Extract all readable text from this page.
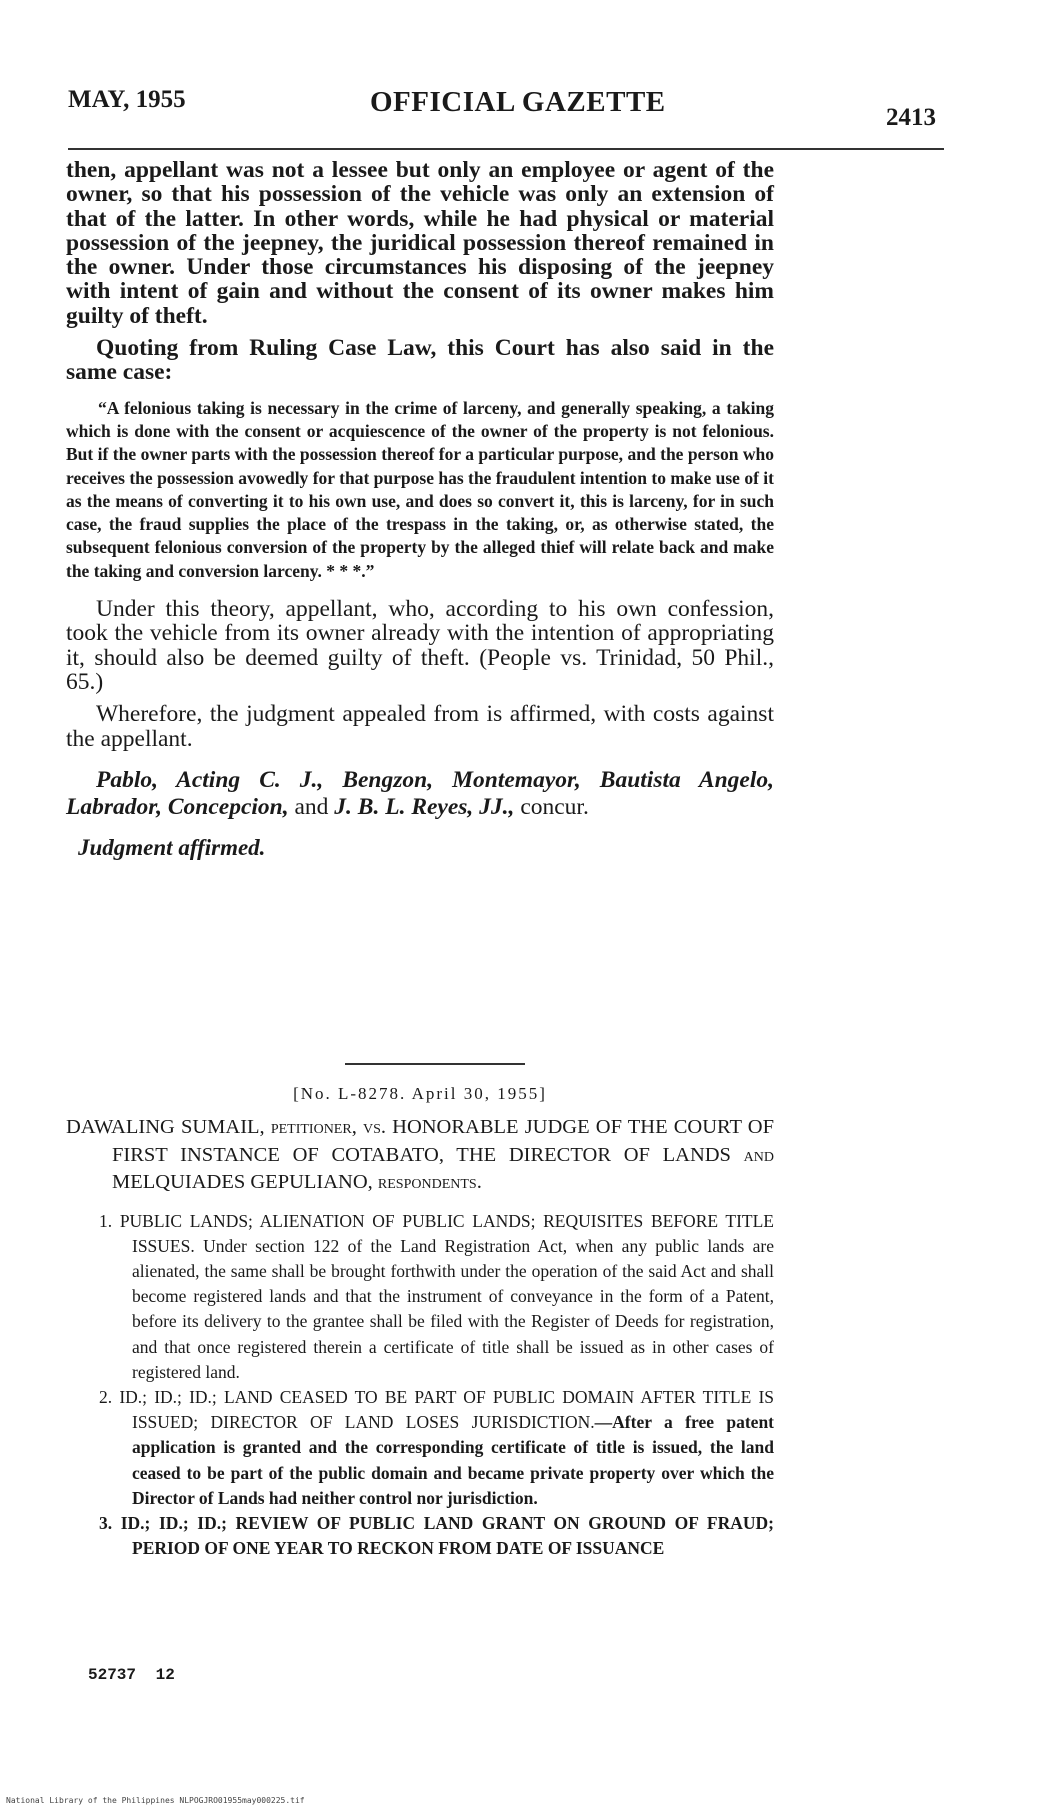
MAY, 1955	OFFICIAL GAZETTE	2413

then, appellant was not a lessee but only an employee or agent of the owner, so that his possession of the vehicle was only an extension of that of the latter. In other words, while he had physical or material possession of the jeepney, the juridical possession thereof remained in the owner. Under those circumstances his disposing of the jeepney with intent of gain and without the consent of its owner makes him guilty of theft.

Quoting from Ruling Case Law, this Court has also said in the same case:

“A felonious taking is necessary in the crime of larceny, and generally speaking, a taking which is done with the consent or acquiescence of the owner of the property is not felonious. But if the owner parts with the possession thereof for a particular purpose, and the person who receives the possession avowedly for that purpose has the fraudulent intention to make use of it as the means of converting it to his own use, and does so convert it, this is larceny, for in such case, the fraud supplies the place of the trespass in the taking, or, as otherwise stated, the subsequent felonious conversion of the property by the alleged thief will relate back and make the taking and conversion larceny. * * *.”

Under this theory, appellant, who, according to his own confession, took the vehicle from its owner already with the intention of appropriating it, should also be deemed guilty of theft. (People vs. Trinidad, 50 Phil., 65.)

Wherefore, the judgment appealed from is affirmed, with costs against the appellant.

Pablo, Acting C. J., Bengzon, Montemayor, Bautista Angelo, Labrador, Concepcion, and J. B. L. Reyes, JJ., concur.

Judgment affirmed.

[No. L-8278. April 30, 1955]

DAWALING SUMAIL, petitioner, vs. HONORABLE JUDGE OF THE COURT OF FIRST INSTANCE OF COTABATO, THE DIRECTOR OF LANDS and MELQUIADES GEPULIANO, respondents.

1. PUBLIC LANDS; ALIENATION OF PUBLIC LANDS; REQUISITES BEFORE TITLE ISSUES. Under section 122 of the Land Registration Act, when any public lands are alienated, the same shall be brought forthwith under the operation of the said Act and shall become registered lands and that the instrument of conveyance in the form of a Patent, before its delivery to the grantee shall be filed with the Register of Deeds for registration, and that once registered therein a certificate of title shall be issued as in other cases of registered land.

2. ID.; ID.; ID.; LAND CEASED TO BE PART OF PUBLIC DOMAIN AFTER TITLE IS ISSUED; DIRECTOR OF LAND LOSES JURISDICTION.—After a free patent application is granted and the corresponding certificate of title is issued, the land ceased to be part of the public domain and became private property over which the Director of Lands had neither control nor jurisdiction.

3. ID.; ID.; ID.; REVIEW OF PUBLIC LAND GRANT ON GROUND OF FRAUD; PERIOD OF ONE YEAR TO RECKON FROM DATE OF ISSUANCE

52737 12
National Library of the Philippines NLPOGJRO01955may000225.tif
